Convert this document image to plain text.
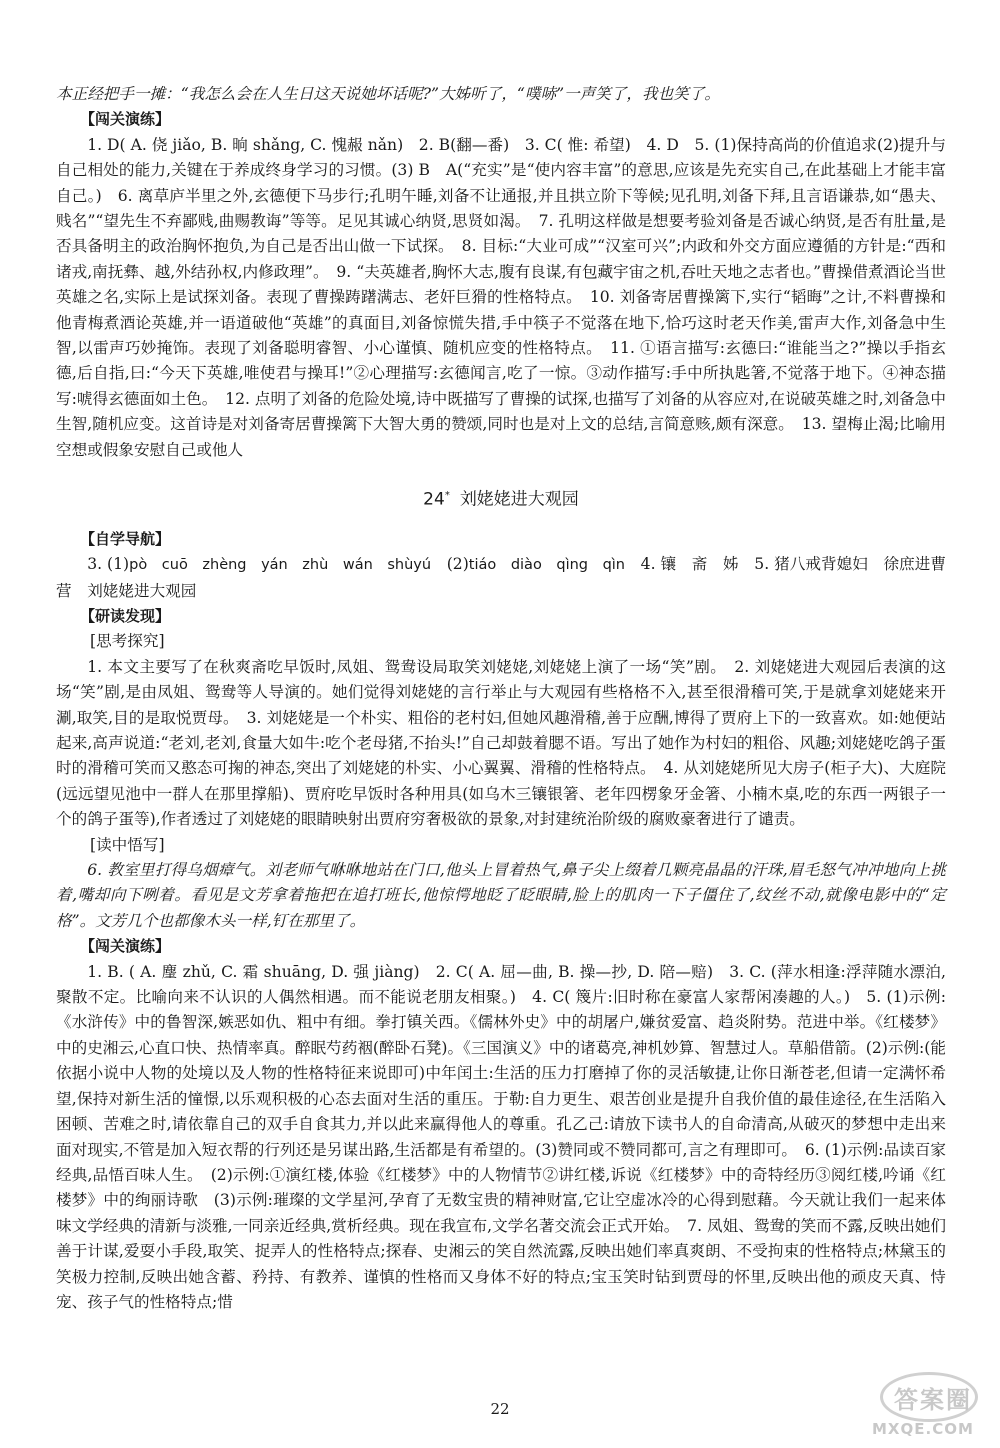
本正经把手一摊：“我怎么会在人生日这天说她坏话呢?”大姊听了，“噗哧”一声笑了，我也笑了。

【闯关演练】

1. D( A. 侥 jiǎo, B. 晌 shǎng, C. 愧赧 nǎn)　2. B(翻—番)　3. C( 惟: 希望)　4. D　5. (1)保持高尚的价值追求(2)提升与自己相处的能力,关键在于养成终身学习的习惯。(3) B　A(“充实”是“使内容丰富”的意思,应该是先充实自己,在此基础上才能丰富自己。)　6. 离草庐半里之外,玄德便下马步行;孔明午睡,刘备不让通报,并且拱立阶下等候;见孔明,刘备下拜,且言语谦恭,如“愚夫、贱名”“望先生不弃鄙贱,曲赐教诲”等等。足见其诚心纳贤,思贤如渴。　7. 孔明这样做是想要考验刘备是否诚心纳贤,是否有肚量,是否具备明主的政治胸怀抱负,为自己是否出山做一下试探。　8. 目标:“大业可成”“汉室可兴”;内政和外交方面应遵循的方针是:“西和诸戎,南抚彝、越,外结孙权,内修政理”。　9. “夫英雄者,胸怀大志,腹有良谋,有包藏宇宙之机,吞吐天地之志者也。”曹操借煮酒论当世英雄之名,实际上是试探刘备。表现了曹操踌躇满志、老奸巨猾的性格特点。　10. 刘备寄居曹操篱下,实行“韬晦”之计,不料曹操和他青梅煮酒论英雄,并一语道破他“英雄”的真面目,刘备惊慌失措,手中筷子不觉落在地下,恰巧这时老天作美,雷声大作,刘备急中生智,以雷声巧妙掩饰。表现了刘备聪明睿智、小心谨慎、随机应变的性格特点。　11. ①语言描写:玄德曰:“谁能当之?”操以手指玄德,后自指,曰:“今天下英雄,唯使君与操耳!”②心理描写:玄德闻言,吃了一惊。③动作描写:手中所执匙箸,不觉落于地下。④神态描写:唬得玄德面如土色。　12. 点明了刘备的危险处境,诗中既描写了曹操的试探,也描写了刘备的从容应对,在说破英雄之时,刘备急中生智,随机应变。这首诗是对刘备寄居曹操篱下大智大勇的赞颂,同时也是对上文的总结,言简意赅,颇有深意。　13. 望梅止渴;比喻用空想或假象安慰自己或他人

24* 刘姥姥进大观园
【自学导航】

3. (1)pò　cuō　zhèng　yán　zhù　wán　shùyú　 (2)tiáo　diào　qìng　qìn　 4. 镶　斋　姊　5. 猪八戒背媳妇　徐庶进曹营　刘姥姥进大观园

【研读发现】
[思考探究]

1. 本文主要写了在秋爽斋吃早饭时,凤姐、鸳鸯设局取笑刘姥姥,刘姥姥上演了一场“笑”剧。　2. 刘姥姥进大观园后表演的这场“笑”剧,是由凤姐、鸳鸯等人导演的。她们觉得刘姥姥的言行举止与大观园有些格格不入,甚至很滑稽可笑,于是就拿刘姥姥来开涮,取笑,目的是取悦贾母。　3. 刘姥姥是一个朴实、粗俗的老村妇,但她风趣滑稽,善于应酬,博得了贾府上下的一致喜欢。如:她便站起来,高声说道:“老刘,老刘,食量大如牛:吃个老母猪,不抬头!”自己却鼓着腮不语。写出了她作为村妇的粗俗、风趣;刘姥姥吃鸽子蛋时的滑稽可笑而又憨态可掬的神态,突出了刘姥姥的朴实、小心翼翼、滑稽的性格特点。　4. 从刘姥姥所见大房子(柜子大)、大庭院(远远望见池中一群人在那里撑船)、贾府吃早饭时各种用具(如乌木三镶银箸、老年四楞象牙金箸、小楠木桌,吃的东西一两银子一个的鸽子蛋等),作者透过了刘姥姥的眼睛映射出贾府穷奢极欲的景象,对封建统治阶级的腐败豪奢进行了谴责。

[读中悟写]

6. 教室里打得乌烟瘴气。刘老师气咻咻地站在门口,他头上冒着热气,鼻子尖上缀着几颗亮晶晶的汗珠,眉毛怒气冲冲地向上挑着,嘴却向下咧着。看见是文芳拿着拖把在追打班长,他惊愕地眨了眨眼睛,脸上的肌肉一下子僵住了,纹丝不动,就像电影中的“定格”。文芳几个也都像木头一样,钉在那里了。

【闯关演练】

1. B. ( A. 麈 zhǔ, C. 霜 shuāng, D. 强 jiàng)　2. C( A. 屈—曲, B. 操—抄, D. 陪—赔)　3. C. (萍水相逢:浮萍随水漂泊,聚散不定。比喻向来不认识的人偶然相遇。而不能说老朋友相聚。)　4. C( 篾片:旧时称在豪富人家帮闲凑趣的人。)　5. (1)示例:《水浒传》中的鲁智深,嫉恶如仇、粗中有细。拳打镇关西。《儒林外史》中的胡屠户,嫌贫爱富、趋炎附势。范进中举。《红楼梦》中的史湘云,心直口快、热情率真。醉眠芍药裀(醉卧石凳)。《三国演义》中的诸葛亮,神机妙算、智慧过人。草船借箭。(2)示例:(能依据小说中人物的处境以及人物的性格特征来说即可)中年闰土:生活的压力打磨掉了你的灵活敏捷,让你日渐苍老,但请一定满怀希望,保持对新生活的憧憬,以乐观积极的心态去面对生活的重压。于勒:自力更生、艰苦创业是提升自我价值的最佳途径,在生活陷入困顿、苦难之时,请依靠自己的双手自食其力,并以此来赢得他人的尊重。孔乙己:请放下读书人的自命清高,从破灭的梦想中走出来面对现实,不管是加入短衣帮的行列还是另谋出路,生活都是有希望的。(3)赞同或不赞同都可,言之有理即可。　6. (1)示例:品读百家经典,品悟百味人生。　(2)示例:①演红楼,体验《红楼梦》中的人物情节②讲红楼,诉说《红楼梦》中的奇特经历③阅红楼,吟诵《红楼梦》中的绚丽诗歌　(3)示例:璀璨的文学星河,孕育了无数宝贵的精神财富,它让空虚冰冷的心得到慰藉。今天就让我们一起来体味文学经典的清新与淡雅,一同亲近经典,赏析经典。现在我宣布,文学名著交流会正式开始。　7. 凤姐、鸳鸯的笑而不露,反映出她们善于计谋,爱耍小手段,取笑、捉弄人的性格特点;探春、史湘云的笑自然流露,反映出她们率真爽朗、不受拘束的性格特点;林黛玉的笑极力控制,反映出她含蓄、矜持、有教养、谨慎的性格而又身体不好的特点;宝玉笑时钻到贾母的怀里,反映出他的顽皮天真、恃宠、孩子气的性格特点;惜

22	答案圈
MXQE.COM
